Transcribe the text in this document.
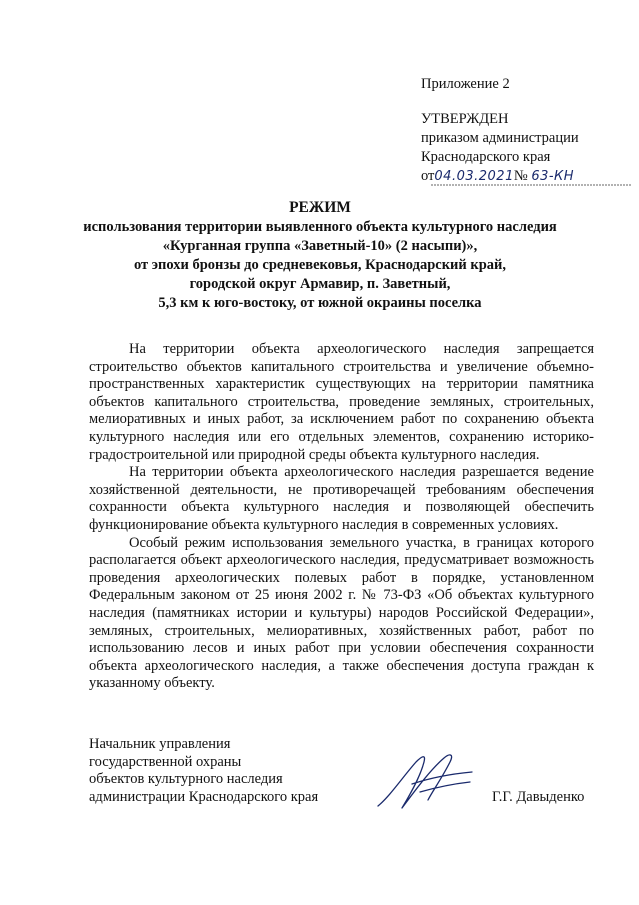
Приложение 2
УТВЕРЖДЕН
приказом администрации
Краснодарского края
от04.03.2021№ 63-КН
РЕЖИМ
использования территории выявленного объекта культурного наследия
«Курганная группа «Заветный-10» (2 насыпи)»,
от эпохи бронзы до средневековья, Краснодарский край,
городской округ Армавир, п. Заветный,
5,3 км к юго-востоку, от южной окраины поселка

На территории объекта археологического наследия запрещается строительство объектов капитального строительства и увеличение объемно-пространственных характеристик существующих на территории памятника объектов капитального строительства, проведение земляных, строительных, мелиоративных и иных работ, за исключением работ по сохранению объекта культурного наследия или его отдельных элементов, сохранению историко-градостроительной или природной среды объекта культурного наследия.

На территории объекта археологического наследия разрешается ведение хозяйственной деятельности, не противоречащей требованиям обеспечения сохранности объекта культурного наследия и позволяющей обеспечить функционирование объекта культурного наследия в современных условиях.

Особый режим использования земельного участка, в границах которого располагается объект археологического наследия, предусматривает возможность проведения археологических полевых работ в порядке, установленном Федеральным законом от 25 июня 2002 г. № 73-ФЗ «Об объектах культурного наследия (памятниках истории и культуры) народов Российской Федерации», земляных, строительных, мелиоративных, хозяйственных работ, работ по использованию лесов и иных работ при условии обеспечения сохранности объекта археологического наследия, а также обеспечения доступа граждан к указанному объекту.

Начальник управления
государственной охраны
объектов культурного наследия
администрации Краснодарского края	Г.Г. Давыденко
